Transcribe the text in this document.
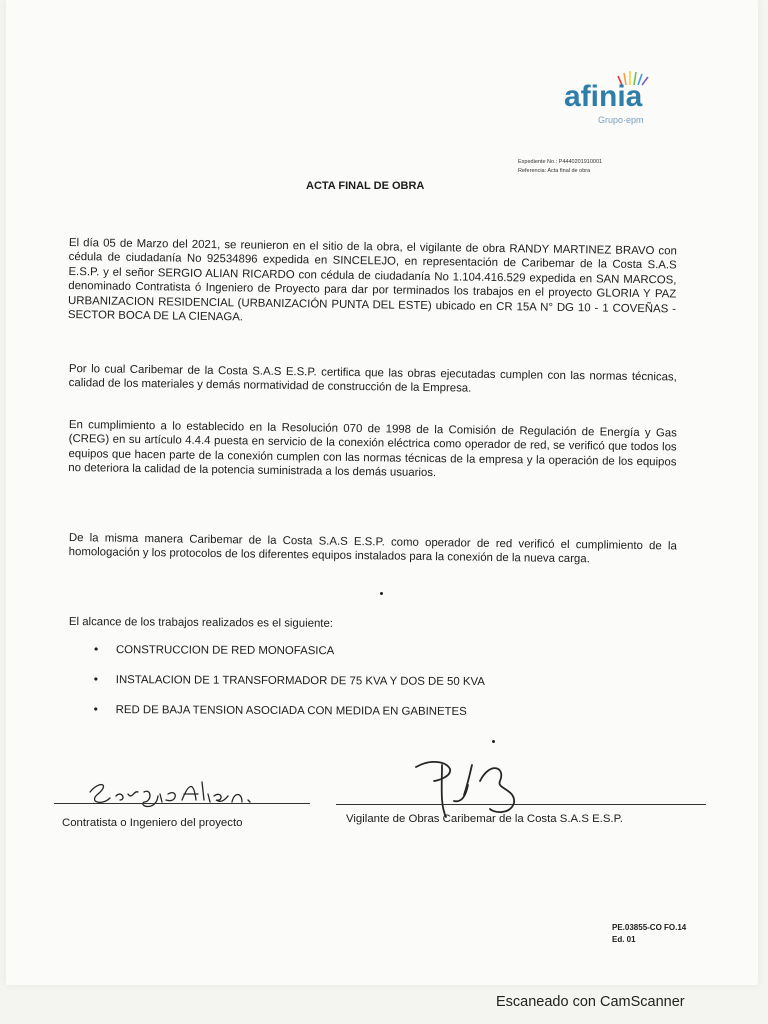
afinia
Grupo·epm
Expediente No.: P4440201910001
Referencia: Acta final de obra
ACTA FINAL DE OBRA
El día 05 de Marzo del 2021, se reunieron en el sitio de la obra, el vigilante de obra RANDY MARTINEZ BRAVO con cédula de ciudadanía No 92534896 expedida en SINCELEJO, en representación de Caribemar de la Costa S.A.S E.S.P. y el señor SERGIO ALIAN RICARDO con cédula de ciudadanía No 1.104.416.529 expedida en SAN MARCOS, denominado Contratista ó Ingeniero de Proyecto para dar por terminados los trabajos en el proyecto GLORIA Y PAZ URBANIZACION RESIDENCIAL (URBANIZACIÓN PUNTA DEL ESTE) ubicado en CR 15A N° DG 10 - 1 COVEÑAS - SECTOR BOCA DE LA CIENAGA.
Por lo cual Caribemar de la Costa S.A.S E.S.P. certifica que las obras ejecutadas cumplen con las normas técnicas, calidad de los materiales y demás normatividad de construcción de la Empresa.
En cumplimiento a lo establecido en la Resolución 070 de 1998 de la Comisión de Regulación de Energía y Gas (CREG) en su artículo 4.4.4 puesta en servicio de la conexión eléctrica como operador de red, se verificó que todos los equipos que hacen parte de la conexión cumplen con las normas técnicas de la empresa y la operación de los equipos no deteriora la calidad de la potencia suministrada a los demás usuarios.
De la misma manera Caribemar de la Costa S.A.S E.S.P. como operador de red verificó el cumplimiento de la homologación y los protocolos de los diferentes equipos instalados para la conexión de la nueva carga.
El alcance de los trabajos realizados es el siguiente:
• CONSTRUCCION DE RED MONOFASICA
• INSTALACION DE 1 TRANSFORMADOR DE 75 KVA Y DOS DE 50 KVA
• RED DE BAJA TENSION ASOCIADA CON MEDIDA EN GABINETES
Contratista o Ingeniero del proyecto	Vigilante de Obras Caribemar de la Costa S.A.S E.S.P.
PE.03855-CO FO.14
Ed. 01
Escaneado con CamScanner
